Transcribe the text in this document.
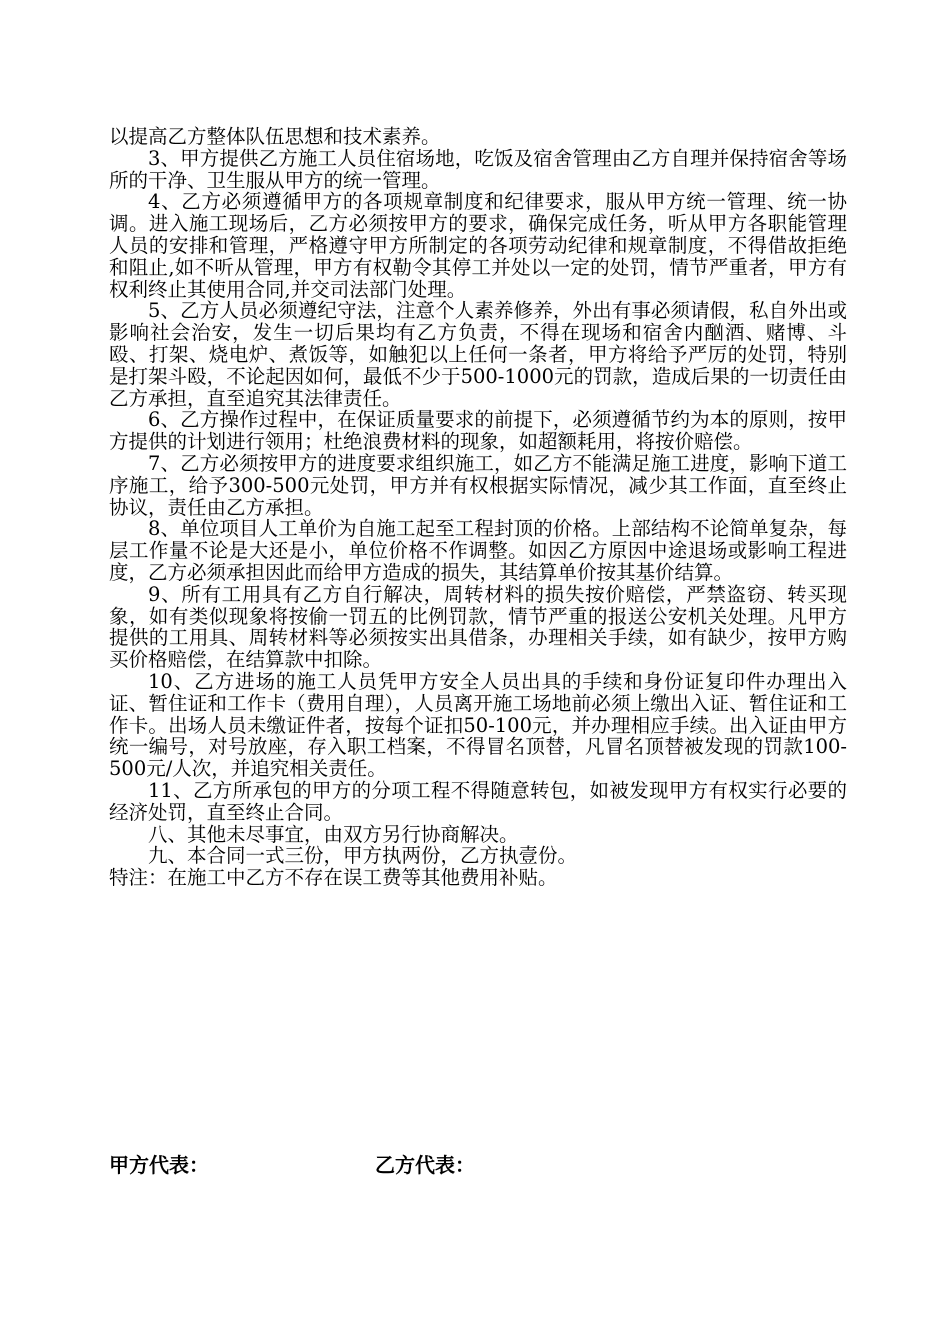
以提高乙方整体队伍思想和技术素养。

3、甲方提供乙方施工人员住宿场地，吃饭及宿舍管理由乙方自理并保持宿舍等场所的干净、卫生服从甲方的统一管理。

4、乙方必须遵循甲方的各项规章制度和纪律要求，服从甲方统一管理、统一协调。进入施工现场后，乙方必须按甲方的要求，确保完成任务，听从甲方各职能管理人员的安排和管理，严格遵守甲方所制定的各项劳动纪律和规章制度，不得借故拒绝和阻止,如不听从管理，甲方有权勒令其停工并处以一定的处罚，情节严重者，甲方有权利终止其使用合同,并交司法部门处理。

5、乙方人员必须遵纪守法，注意个人素养修养，外出有事必须请假，私自外出或影响社会治安，发生一切后果均有乙方负责，不得在现场和宿舍内酗酒、赌博、斗殴、打架、烧电炉、煮饭等，如触犯以上任何一条者，甲方将给予严厉的处罚，特别是打架斗殴，不论起因如何，最低不少于500-1000元的罚款，造成后果的一切责任由乙方承担，直至追究其法律责任。

6、乙方操作过程中，在保证质量要求的前提下，必须遵循节约为本的原则，按甲方提供的计划进行领用；杜绝浪费材料的现象，如超额耗用，将按价赔偿。

7、乙方必须按甲方的进度要求组织施工，如乙方不能满足施工进度，影响下道工序施工，给予300-500元处罚，甲方并有权根据实际情况，减少其工作面，直至终止协议，责任由乙方承担。

8、单位项目人工单价为自施工起至工程封顶的价格。上部结构不论简单复杂，每层工作量不论是大还是小，单位价格不作调整。如因乙方原因中途退场或影响工程进度，乙方必须承担因此而给甲方造成的损失，其结算单价按其基价结算。

9、所有工用具有乙方自行解决，周转材料的损失按价赔偿，严禁盗窃、转买现象，如有类似现象将按偷一罚五的比例罚款，情节严重的报送公安机关处理。凡甲方提供的工用具、周转材料等必须按实出具借条，办理相关手续，如有缺少，按甲方购买价格赔偿，在结算款中扣除。

10、乙方进场的施工人员凭甲方安全人员出具的手续和身份证复印件办理出入证、暂住证和工作卡（费用自理），人员离开施工场地前必须上缴出入证、暂住证和工作卡。出场人员未缴证件者，按每个证扣50-100元，并办理相应手续。出入证由甲方统一编号，对号放座，存入职工档案，不得冒名顶替，凡冒名顶替被发现的罚款100-500元/人次，并追究相关责任。

11、乙方所承包的甲方的分项工程不得随意转包，如被发现甲方有权实行必要的经济处罚，直至终止合同。

八、其他未尽事宜，由双方另行协商解决。

九、本合同一式三份，甲方执两份，乙方执壹份。

特注：在施工中乙方不存在误工费等其他费用补贴。

甲方代表：	乙方代表：
